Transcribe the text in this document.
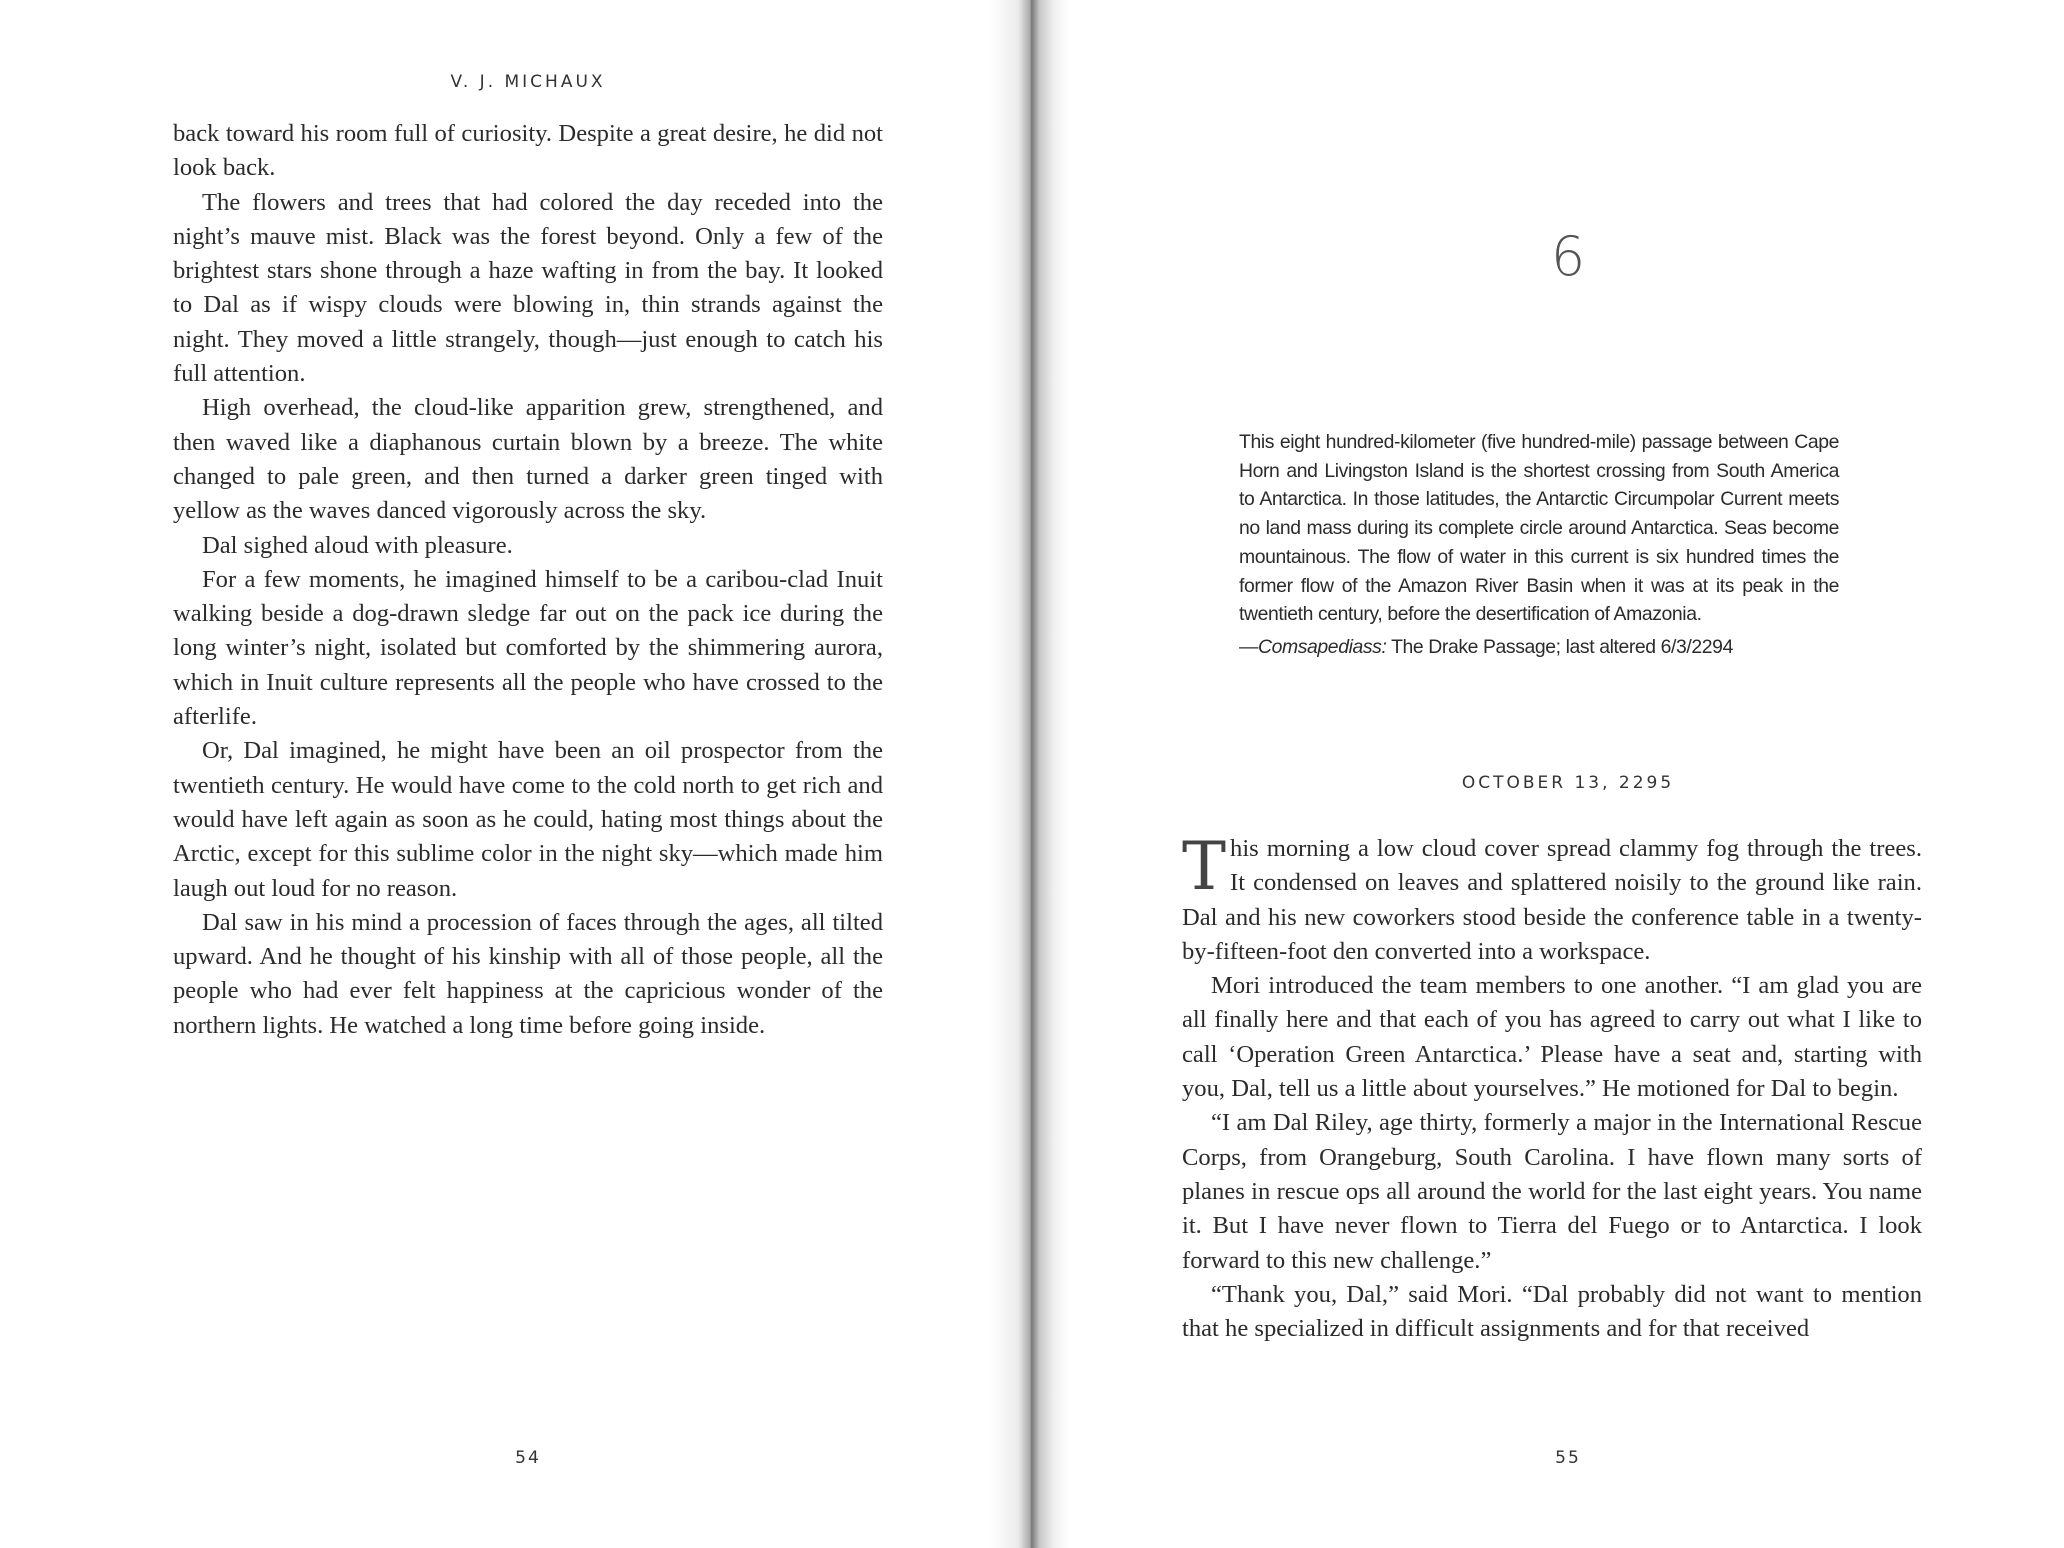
V. J. MICHAUX

back toward his room full of curiosity. Despite a great desire, he did not look back.

The flowers and trees that had colored the day receded into the night’s mauve mist. Black was the forest beyond. Only a few of the brightest stars shone through a haze wafting in from the bay. It looked to Dal as if wispy clouds were blowing in, thin strands against the night. They moved a little strangely, though—just enough to catch his full attention.

High overhead, the cloud-like apparition grew, strengthened, and then waved like a diaphanous curtain blown by a breeze. The white changed to pale green, and then turned a darker green tinged with yellow as the waves danced vigorously across the sky.

Dal sighed aloud with pleasure.

For a few moments, he imagined himself to be a caribou-clad Inuit walking beside a dog-drawn sledge far out on the pack ice during the long winter’s night, isolated but comforted by the shimmering aurora, which in Inuit culture represents all the people who have crossed to the afterlife.

Or, Dal imagined, he might have been an oil prospector from the twentieth century. He would have come to the cold north to get rich and would have left again as soon as he could, hating most things about the Arctic, except for this sublime color in the night sky—which made him laugh out loud for no reason.

Dal saw in his mind a procession of faces through the ages, all tilted upward. And he thought of his kinship with all of those people, all the people who had ever felt happiness at the capricious wonder of the northern lights. He watched a long time before going inside.

54
6
This eight hundred-kilometer (five hundred-mile) passage between Cape Horn and Livingston Island is the shortest crossing from South America to Antarctica. In those latitudes, the Antarctic Circumpolar Current meets no land mass during its complete circle around Antarctica. Seas become mountainous. The flow of water in this current is six hundred times the former flow of the Amazon River Basin when it was at its peak in the twentieth century, before the desertification of Amazonia.
—Comsapediass: The Drake Passage; last altered 6/3/2294
OCTOBER 13, 2295

This morning a low cloud cover spread clammy fog through the trees. It condensed on leaves and splattered noisily to the ground like rain. Dal and his new coworkers stood beside the conference table in a twenty-by-fifteen-foot den converted into a workspace.

Mori introduced the team members to one another. “I am glad you are all finally here and that each of you has agreed to carry out what I like to call ‘Operation Green Antarctica.’ Please have a seat and, starting with you, Dal, tell us a little about yourselves.” He motioned for Dal to begin.

“I am Dal Riley, age thirty, formerly a major in the International Rescue Corps, from Orangeburg, South Carolina. I have flown many sorts of planes in rescue ops all around the world for the last eight years. You name it. But I have never flown to Tierra del Fuego or to Antarctica. I look forward to this new challenge.”

“Thank you, Dal,” said Mori. “Dal probably did not want to mention that he specialized in difficult assignments and for that received

55
